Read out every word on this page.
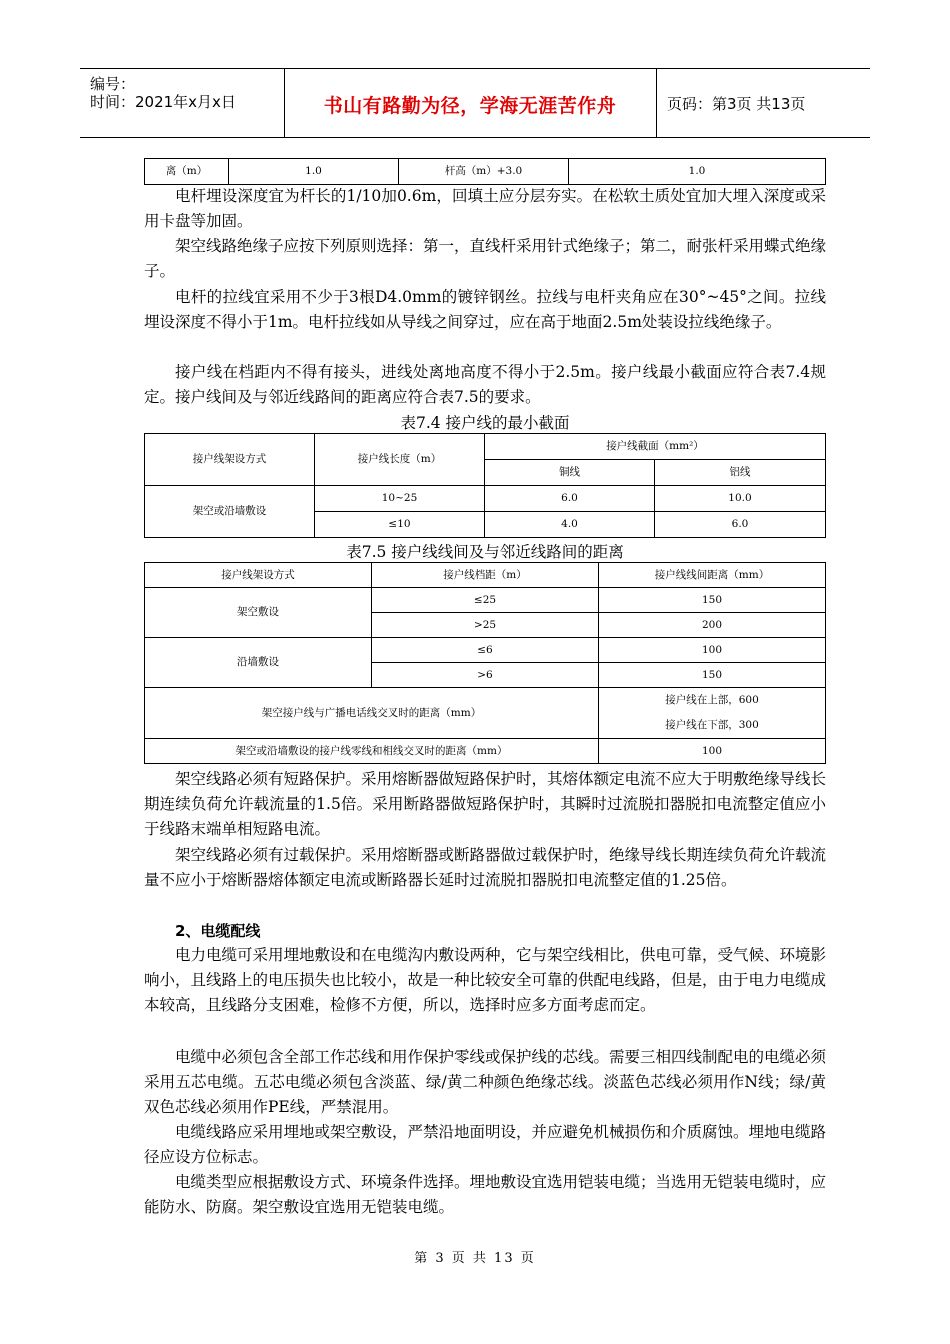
编号：
时间：2021年x月x日	书山有路勤为径，学海无涯苦作舟	页码：第3页 共13页
离（m）	1.0	杆高（m）+3.0	1.0

电杆埋设深度宜为杆长的1/10加0.6m，回填土应分层夯实。在松软土质处宜加大埋入深度或采用卡盘等加固。

架空线路绝缘子应按下列原则选择：第一，直线杆采用针式绝缘子；第二，耐张杆采用蝶式绝缘子。

电杆的拉线宜采用不少于3根D4.0mm的镀锌钢丝。拉线与电杆夹角应在30°~45°之间。拉线埋设深度不得小于1m。电杆拉线如从导线之间穿过，应在高于地面2.5m处装设拉线绝缘子。

接户线在档距内不得有接头，进线处离地高度不得小于2.5m。接户线最小截面应符合表7.4规定。接户线间及与邻近线路间的距离应符合表7.5的要求。

表7.4 接户线的最小截面

接户线架设方式	接户线长度（m）	接户线截面（mm²）	
		铜线	铝线
架空或沿墙敷设	10~25	6.0	10.0
	≤10	4.0	6.0

表7.5 接户线线间及与邻近线路间的距离

接户线架设方式	接户线档距（m）	接户线线间距离（mm）
架空敷设	≤25	150
	>25	200
沿墙敷设	≤6	100
	>6	150
架空接户线与广播电话线交叉时的距离（mm）		接户线在上部，600
接户线在下部，300

架空或沿墙敷设的接户线零线和相线交叉时的距离（mm）		100

架空线路必须有短路保护。采用熔断器做短路保护时，其熔体额定电流不应大于明敷绝缘导线长期连续负荷允许载流量的1.5倍。采用断路器做短路保护时，其瞬时过流脱扣器脱扣电流整定值应小于线路末端单相短路电流。

架空线路必须有过载保护。采用熔断器或断路器做过载保护时，绝缘导线长期连续负荷允许载流量不应小于熔断器熔体额定电流或断路器长延时过流脱扣器脱扣电流整定值的1.25倍。

2、电缆配线

电力电缆可采用埋地敷设和在电缆沟内敷设两种，它与架空线相比，供电可靠，受气候、环境影响小，且线路上的电压损失也比较小，故是一种比较安全可靠的供配电线路，但是，由于电力电缆成本较高，且线路分支困难，检修不方便，所以，选择时应多方面考虑而定。

电缆中必须包含全部工作芯线和用作保护零线或保护线的芯线。需要三相四线制配电的电缆必须采用五芯电缆。五芯电缆必须包含淡蓝、绿/黄二种颜色绝缘芯线。淡蓝色芯线必须用作N线；绿/黄双色芯线必须用作PE线，严禁混用。

电缆线路应采用埋地或架空敷设，严禁沿地面明设，并应避免机械损伤和介质腐蚀。埋地电缆路径应设方位标志。

电缆类型应根据敷设方式、环境条件选择。埋地敷设宜选用铠装电缆；当选用无铠装电缆时，应能防水、防腐。架空敷设宜选用无铠装电缆。

第 3 页 共 13 页
